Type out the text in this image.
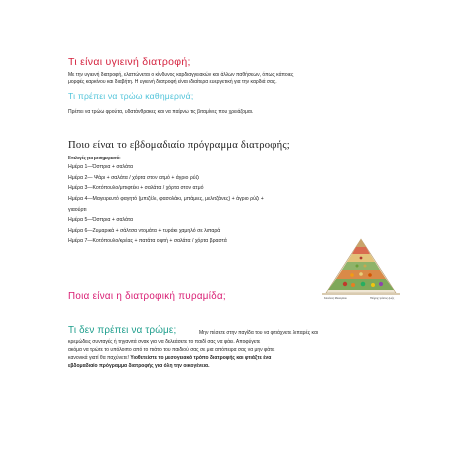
Τι είναι υγιεινή διατροφή;

Με την υγιεινή διατροφή, ελαττώνεται ο κίνδυνος καρδιαγγειακών και άλλων παθήσεων, όπως κάποιες

μορφές καρκίνου και διαβήτη. Η υγιεινή διατροφή είναι ιδιαίτερα ευεργετική για την καρδιά σας.

Τι πρέπει να τρώω καθημερινά;

Πρέπει να τρώω φρούτα, υδατάνθρακες και να παίρνω τις βιταμίνες που χρειάζομαι.

Ποιο είναι το εβδομαδιαίο πρόγραμμα διατροφής;

Επιλογές για μεσημεριανό:

Ημέρα 1—Όσπρια + σαλάτα

Ημέρα 2— Ψάρι + σαλάτα / χόρτα στον ατμό + άγριο ρύζι

Ημέρα 3—Κοτόπουλο/μπιφτέκι + σαλάτα / χόρτα στον ατμό

Ημέρα 4—Μαγειρευτό φαγητό (μπιζέλι, φασολάκι, μπάμιες, μελιτζάνες) + άγριο ρύζι +

γιαούρτι

Ημέρα 5—Όσπρια + σαλάτα

Ημέρα 6—Ζυμαρικά + σάλτσα ντομάτα + τυράκι χαμηλό σε λιπαρά

Ημέρα 7—Κοτόπουλο/κρέας + πατάτα οφτή + σαλάτα / χόρτα βραστά

Κανόνας Μεσογείου	Πλήρης τρόπος ζωής

Ποια είναι η διατροφική πυραμίδα;

Τι δεν πρέπει να τρώμε;	Μην πέσετε στην παγίδα του να φτιάχνετε λιπαρές και

κρεμώδεις συνταγές ή τηγανιτά σνακ για να δελεάσετε το παιδί σας να φάει. Αποφύγετε

ακόμα να τρώτε το υπόλοιπο από το πιάτο του παιδιού σας σε μια απόπειρα σας να μην φάτε

κανονικά γιατί θα παχύνετε! Υιοθετείστε το μεσογειακό τρόπο διατροφής και φτιάξτε ένα

εβδομαδιαίο πρόγραμμα διατροφής για όλη την οικογένεια.
